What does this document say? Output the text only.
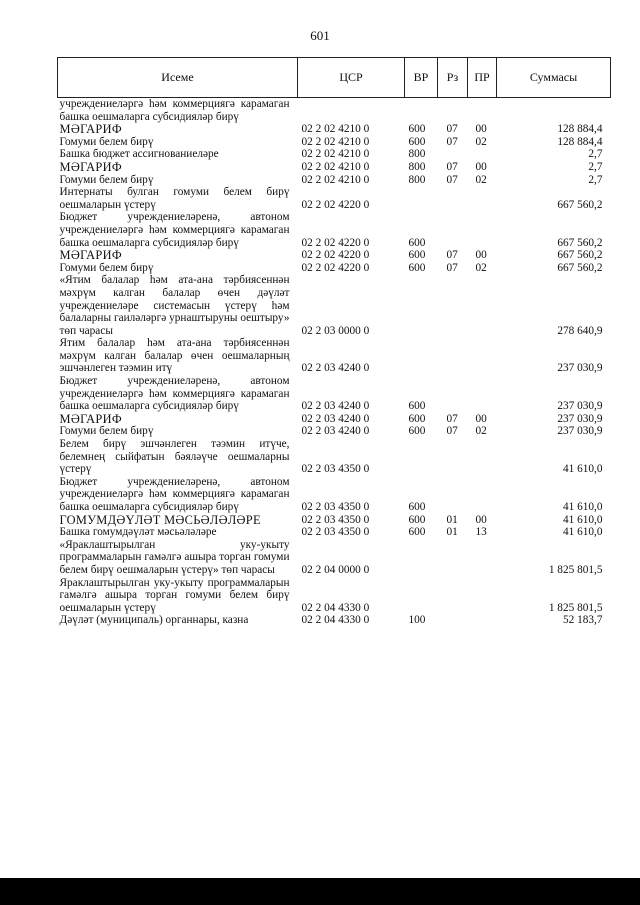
601
Исеме	ЦСР	ВР	Рз	ПР	Суммасы
учреждениеләргә һәм коммерциягә карамаган башка оешмаларга субсидияләр бирү					
МӘГАРИФ	02 2 02 4210 0	600	07	00	128 884,4
Гомуми белем бирү	02 2 02 4210 0	600	07	02	128 884,4
Башка бюджет ассигнованиеләре	02 2 02 4210 0	800			2,7
МӘГАРИФ	02 2 02 4210 0	800	07	00	2,7
Гомуми белем бирү	02 2 02 4210 0	800	07	02	2,7
Интернаты булган гомуми белем бирү оешмаларын үстерү	02 2 02 4220 0				667 560,2
Бюджет учреждениеләренә, автоном учреждениеләргә һәм коммерциягә карамаган башка оешмаларга субсидияләр бирү	02 2 02 4220 0	600			667 560,2
МӘГАРИФ	02 2 02 4220 0	600	07	00	667 560,2
Гомуми белем бирү	02 2 02 4220 0	600	07	02	667 560,2
«Ятим балалар һәм ата-ана тәрбиясеннән мәхрүм калган балалар өчен дәүләт учреждениеләре системасын үстерү һәм балаларны гаиләләргә урнаштыруны оештыру» төп чарасы	02 2 03 0000 0				278 640,9
Ятим балалар һәм ата-ана тәрбиясеннән мәхрүм калган балалар өчен оешмаларның эшчәнлеген тәэмин итү	02 2 03 4240 0				237 030,9
Бюджет учреждениеләренә, автоном учреждениеләргә һәм коммерциягә карамаган башка оешмаларга субсидияләр бирү	02 2 03 4240 0	600			237 030,9
МӘГАРИФ	02 2 03 4240 0	600	07	00	237 030,9
Гомуми белем бирү	02 2 03 4240 0	600	07	02	237 030,9
Белем бирү эшчәнлеген тәэмин итүче, белемнең сыйфатын бәяләүче оешмаларны үстерү	02 2 03 4350 0				41 610,0
Бюджет учреждениеләренә, автоном учреждениеләргә һәм коммерциягә карамаган башка оешмаларга субсидияләр бирү	02 2 03 4350 0	600			41 610,0
ГОМУМДӘҮЛӘТ МӘСЬӘЛӘЛӘРЕ	02 2 03 4350 0	600	01	00	41 610,0
Башка гомумдәүләт мәсьәләләре	02 2 03 4350 0	600	01	13	41 610,0
«Яраклаштырылган уку-укыту программаларын гамәлгә ашыра торган гомуми белем бирү оешмаларын үстерү» төп чарасы	02 2 04 0000 0				1 825 801,5
Яраклаштырылган уку-укыту программаларын гамәлгә ашыра торган гомуми белем бирү оешмаларын үстерү	02 2 04 4330 0				1 825 801,5
Дәүләт (муниципаль) органнары, казна	02 2 04 4330 0	100			52 183,7
